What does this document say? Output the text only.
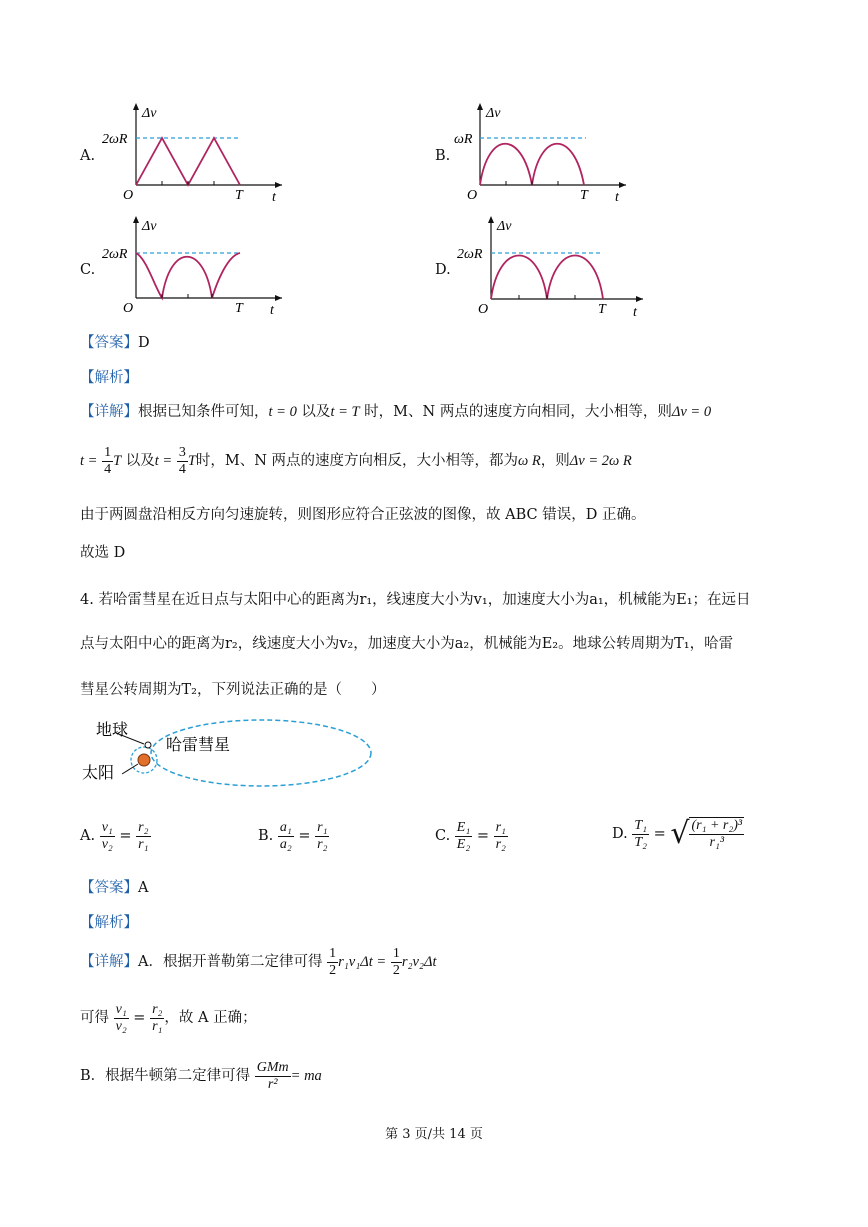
A.
Δv
2ωR
O	T t
B.
Δv
ωR
O	T t
C.
Δv
2ωR
O	T t
D.
Δv
2ωR
O	T t
【答案】D
【解析】
【详解】根据已知条件可知，t = 0 以及t = T 时，M、N 两点的速度方向相同，大小相等，则Δv = 0
$t = \frac{1}{4}$ T 以及$t = \frac{3}{4}$ T时，M、N 两点的速度方向相反，大小相等，都为ω R，则Δv = 2ω R
由于两圆盘沿相反方向匀速旋转，则图形应符合正弦波的图像，故 ABC 错误，D 正确。
故选 D
4. 若哈雷彗星在近日点与太阳中心的距离为r₁，线速度大小为v₁，加速度大小为a₁，机械能为E₁；在远日
点与太阳中心的距离为r₂，线速度大小为v₂，加速度大小为a₂，机械能为E₂。地球公转周期为T₁，哈雷
彗星公转周期为T₂，下列说法正确的是（　　）
地球
哈雷彗星
太阳
A. $\frac{\text{v₁}}{\text{v₂}} = \frac{\text{r₂}}{\text{r₁}}$	B. $\frac{\text{a₁}}{\text{a₂}} = \frac{\text{r₁}}{\text{r₂}}$	C. $\frac{\text{E₁}}{\text{E₂}} = \frac{\text{r₁}}{\text{r₂}}$	D. $\frac{\text{T₁}}{\text{T₂}}$ = √ $\frac{\text{(r₁ + r₂)³}}{\text{r₁³}}$
【答案】A
【解析】
【详解】A．根据开普勒第二定律可得 $\frac{1}{2} r_1v_1\Delta t = \frac{1}{2} r_2v_2\Delta t$
可得 $\frac{\text{v₁}}{\text{v₂}} = \frac{\text{r₂}}{\text{r₁}}$ ，故 A 正确；
B．根据牛顿第二定律可得 $\frac{\text{GMm}}{\text{r²}}$ = ma
第 3 页/共 14 页
